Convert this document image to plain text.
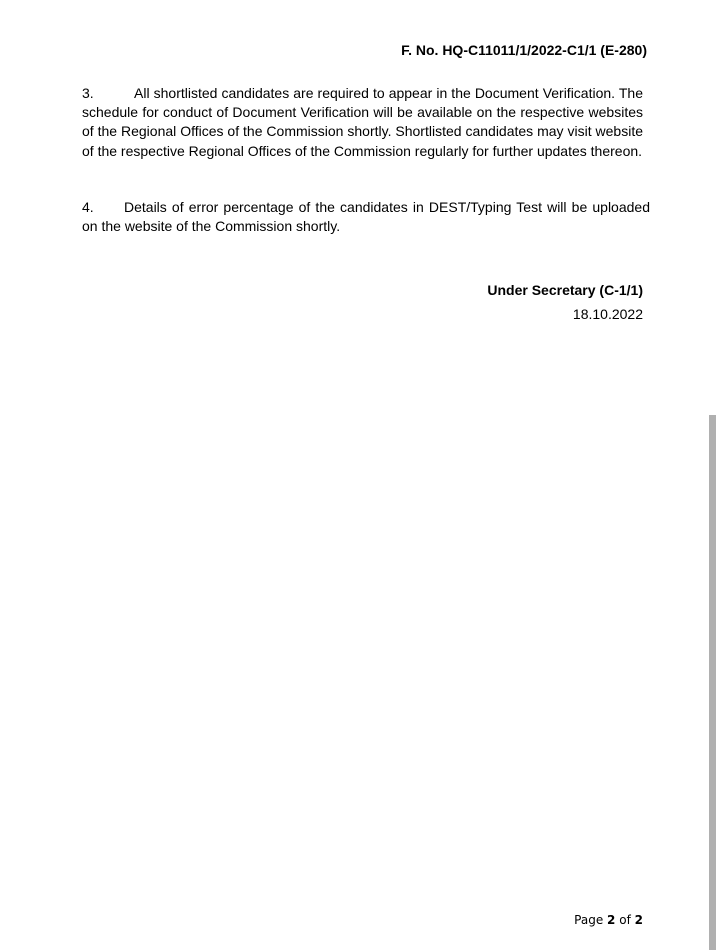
F. No. HQ-C11011/1/2022-C1/1 (E-280)
3.	All shortlisted candidates are required to appear in the Document Verification. The schedule for conduct of Document Verification will be available on the respective websites of the Regional Offices of the Commission shortly. Shortlisted candidates may visit website of the respective Regional Offices of the Commission regularly for further updates thereon.
4. Details of error percentage of the candidates in DEST/Typing Test will be uploaded on the website of the Commission shortly.
Under Secretary (C-1/1)
18.10.2022
Page 2 of 2
